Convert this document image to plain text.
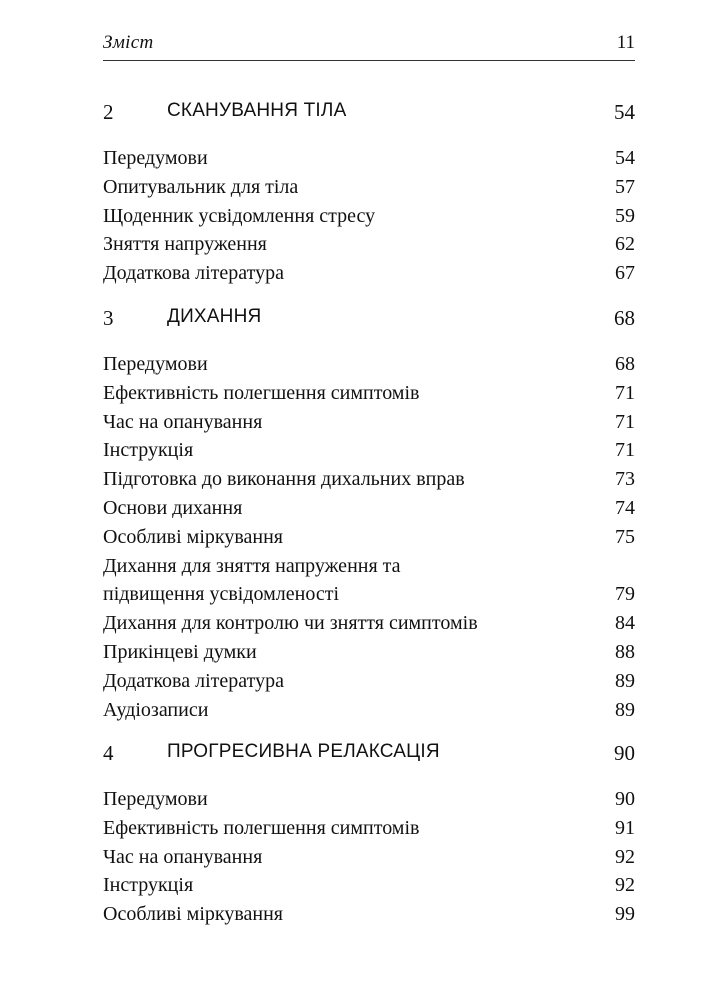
Зміст	11
2	СКАНУВАННЯ ТІЛА	54
Передумови	54
Опитувальник для тіла	57
Щоденник усвідомлення стресу	59
Зняття напруження	62
Додаткова література	67
3	ДИХАННЯ	68
Передумови	68
Ефективність полегшення симптомів	71
Час на опанування	71
Інструкція	71
Підготовка до виконання дихальних вправ	73
Основи дихання	74
Особливі міркування	75
Дихання для зняття напруження та підвищення усвідомленості	79
Дихання для контролю чи зняття симптомів	84
Прикінцеві думки	88
Додаткова література	89
Аудіозаписи	89
4	ПРОГРЕСИВНА РЕЛАКСАЦІЯ	90
Передумови	90
Ефективність полегшення симптомів	91
Час на опанування	92
Інструкція	92
Особливі міркування	99
